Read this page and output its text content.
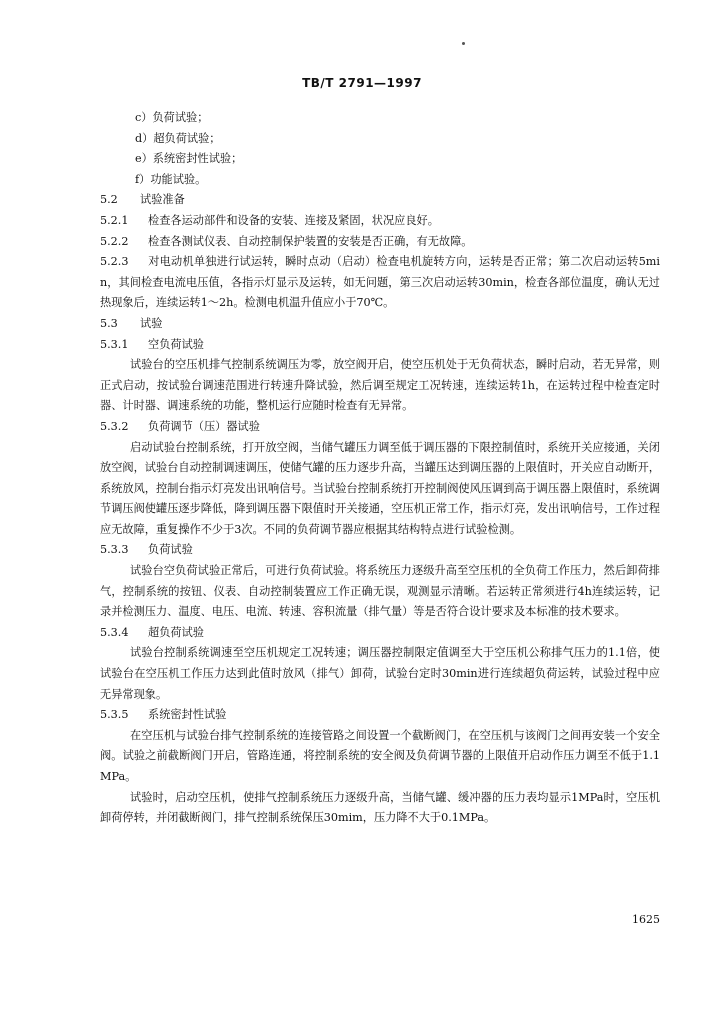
TB/T 2791—1997
c）负荷试验；
d）超负荷试验；
e）系统密封性试验；
f）功能试验。
5.2 试验准备
5.2.1 检查各运动部件和设备的安装、连接及紧固，状况应良好。
5.2.2 检查各测试仪表、自动控制保护装置的安装是否正确，有无故障。
5.2.3 对电动机单独进行试运转，瞬时点动（启动）检查电机旋转方向，运转是否正常；第二次启动运转5min，其间检查电流电压值，各指示灯显示及运转，如无问题，第三次启动运转30min，检查各部位温度，确认无过热现象后，连续运转1～2h。检测电机温升值应小于70℃。
5.3 试验
5.3.1 空负荷试验
试验台的空压机排气控制系统调压为零，放空阀开启，使空压机处于无负荷状态，瞬时启动，若无异常，则正式启动，按试验台调速范围进行转速升降试验，然后调至规定工况转速，连续运转1h，在运转过程中检查定时器、计时器、调速系统的功能，整机运行应随时检查有无异常。
5.3.2 负荷调节（压）器试验
启动试验台控制系统，打开放空阀，当储气罐压力调至低于调压器的下限控制值时，系统开关应接通，关闭放空阀，试验台自动控制调速调压，使储气罐的压力逐步升高，当罐压达到调压器的上限值时，开关应自动断开，系统放风，控制台指示灯亮发出讯响信号。当试验台控制系统打开控制阀使风压调到高于调压器上限值时，系统调节调压阀使罐压逐步降低，降到调压器下限值时开关接通，空压机正常工作，指示灯亮，发出讯响信号，工作过程应无故障，重复操作不少于3次。不同的负荷调节器应根据其结构特点进行试验检测。
5.3.3 负荷试验
试验台空负荷试验正常后，可进行负荷试验。将系统压力逐级升高至空压机的全负荷工作压力，然后卸荷排气，控制系统的按钮、仪表、自动控制装置应工作正确无误，观测显示清晰。若运转正常须进行4h连续运转，记录并检测压力、温度、电压、电流、转速、容积流量（排气量）等是否符合设计要求及本标准的技术要求。
5.3.4 超负荷试验
试验台控制系统调速至空压机规定工况转速；调压器控制限定值调至大于空压机公称排气压力的1.1倍，使试验台在空压机工作压力达到此值时放风（排气）卸荷，试验台定时30min进行连续超负荷运转，试验过程中应无异常现象。
5.3.5 系统密封性试验
在空压机与试验台排气控制系统的连接管路之间设置一个截断阀门，在空压机与该阀门之间再安装一个安全阀。试验之前截断阀门开启，管路连通，将控制系统的安全阀及负荷调节器的上限值开启动作压力调至不低于1.1MPa。
试验时，启动空压机，使排气控制系统压力逐级升高，当储气罐、缓冲器的压力表均显示1MPa时，空压机卸荷停转，并闭截断阀门，排气控制系统保压30mim，压力降不大于0.1MPa。
1625
